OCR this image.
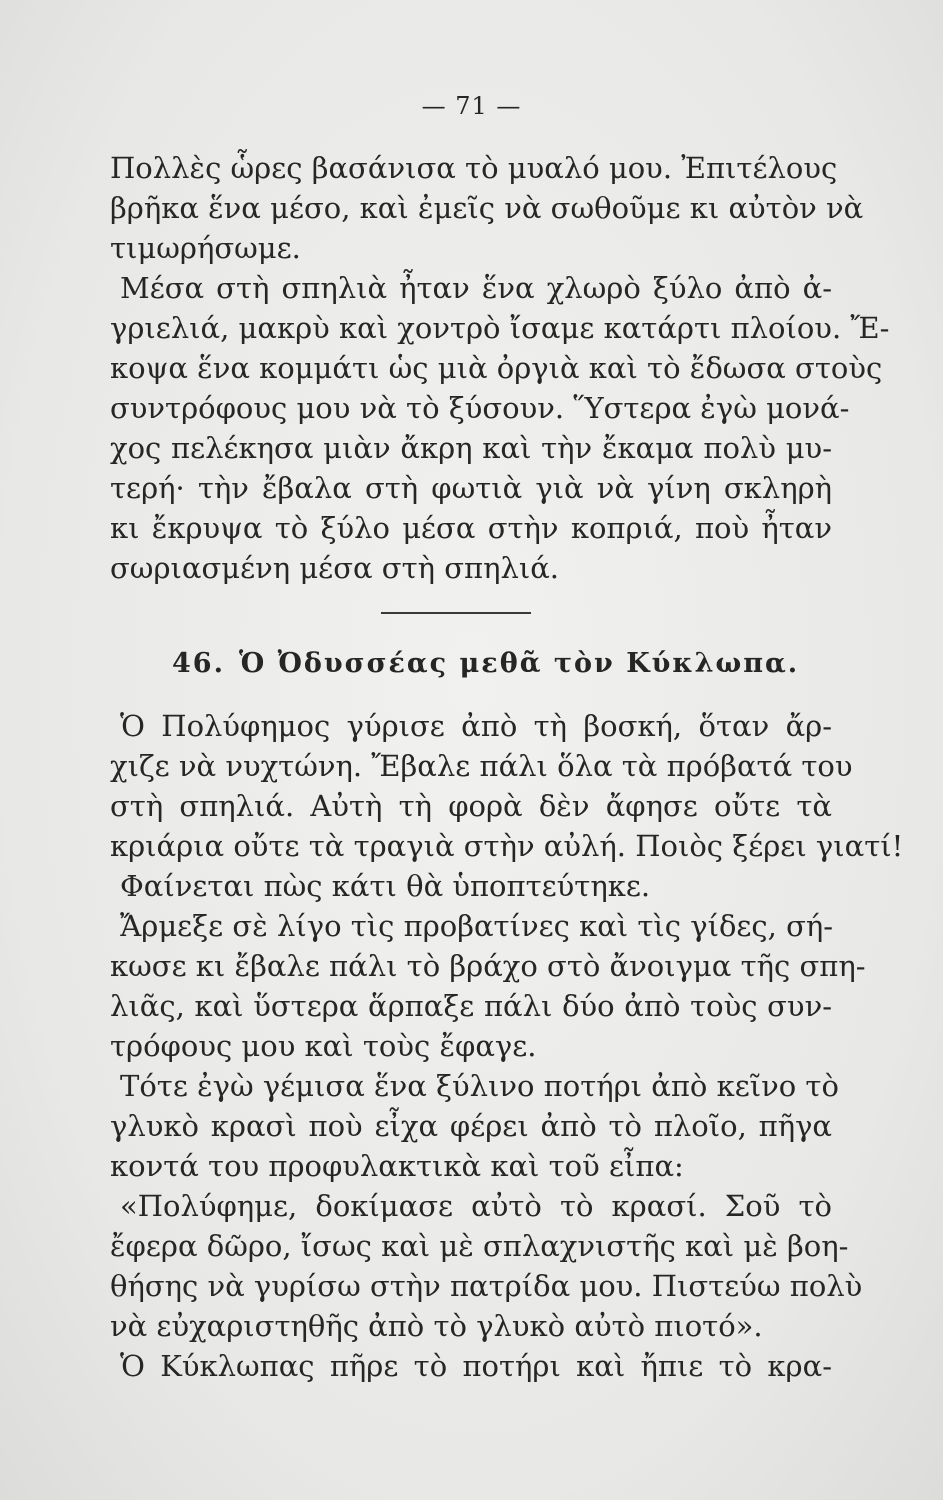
— 71 —
Πολλὲς ὧρες βασάνισα τὸ μυαλό μου. Ἐπιτέλους
βρῆκα ἕνα μέσο, καὶ ἐμεῖς νὰ σωθοῦμε κι αὐτὸν νὰ
τιμωρήσωμε.
Μέσα στὴ σπηλιὰ ἦταν ἕνα χλωρὸ ξύλο ἀπὸ ἀ-
γριελιά, μακρὺ καὶ χοντρὸ ἴσαμε κατάρτι πλοίου. Ἔ-
κοψα ἕνα κομμάτι ὡς μιὰ ὀργιὰ καὶ τὸ ἔδωσα στοὺς
συντρόφους μου νὰ τὸ ξύσουν. Ὕστερα ἐγὼ μονά-
χος πελέκησα μιὰν ἄκρη καὶ τὴν ἔκαμα πολὺ μυ-
τερή· τὴν ἔβαλα στὴ φωτιὰ γιὰ νὰ γίνη σκληρὴ
κι ἔκρυψα τὸ ξύλο μέσα στὴν κοπριά, ποὺ ἦταν
σωριασμένη μέσα στὴ σπηλιά.
46. Ὁ Ὀδυσσέας μεθᾶ τὸν Κύκλωπα.
Ὁ Πολύφημος γύρισε ἀπὸ τὴ βοσκή, ὅταν ἄρ-
χιζε νὰ νυχτώνη. Ἔβαλε πάλι ὅλα τὰ πρόβατά του
στὴ σπηλιά. Αὐτὴ τὴ φορὰ δὲν ἄφησε οὔτε τὰ
κριάρια οὔτε τὰ τραγιὰ στὴν αὐλή. Ποιὸς ξέρει γιατί!
Φαίνεται πὼς κάτι θὰ ὑποπτεύτηκε.
Ἄρμεξε σὲ λίγο τὶς προβατίνες καὶ τὶς γίδες, σή-
κωσε κι ἔβαλε πάλι τὸ βράχο στὸ ἄνοιγμα τῆς σπη-
λιᾶς, καὶ ὕστερα ἅρπαξε πάλι δύο ἀπὸ τοὺς συν-
τρόφους μου καὶ τοὺς ἔφαγε.
Τότε ἐγὼ γέμισα ἕνα ξύλινο ποτήρι ἀπὸ κεῖνο τὸ
γλυκὸ κρασὶ ποὺ εἶχα φέρει ἀπὸ τὸ πλοῖο, πῆγα
κοντά του προφυλακτικὰ καὶ τοῦ εἶπα:
«Πολύφημε, δοκίμασε αὐτὸ τὸ κρασί. Σοῦ τὸ
ἔφερα δῶρο, ἴσως καὶ μὲ σπλαχνιστῆς καὶ μὲ βοη-
θήσης νὰ γυρίσω στὴν πατρίδα μου. Πιστεύω πολὺ
νὰ εὐχαριστηθῆς ἀπὸ τὸ γλυκὸ αὐτὸ πιοτό».
Ὁ Κύκλωπας πῆρε τὸ ποτήρι καὶ ἤπιε τὸ κρα-
